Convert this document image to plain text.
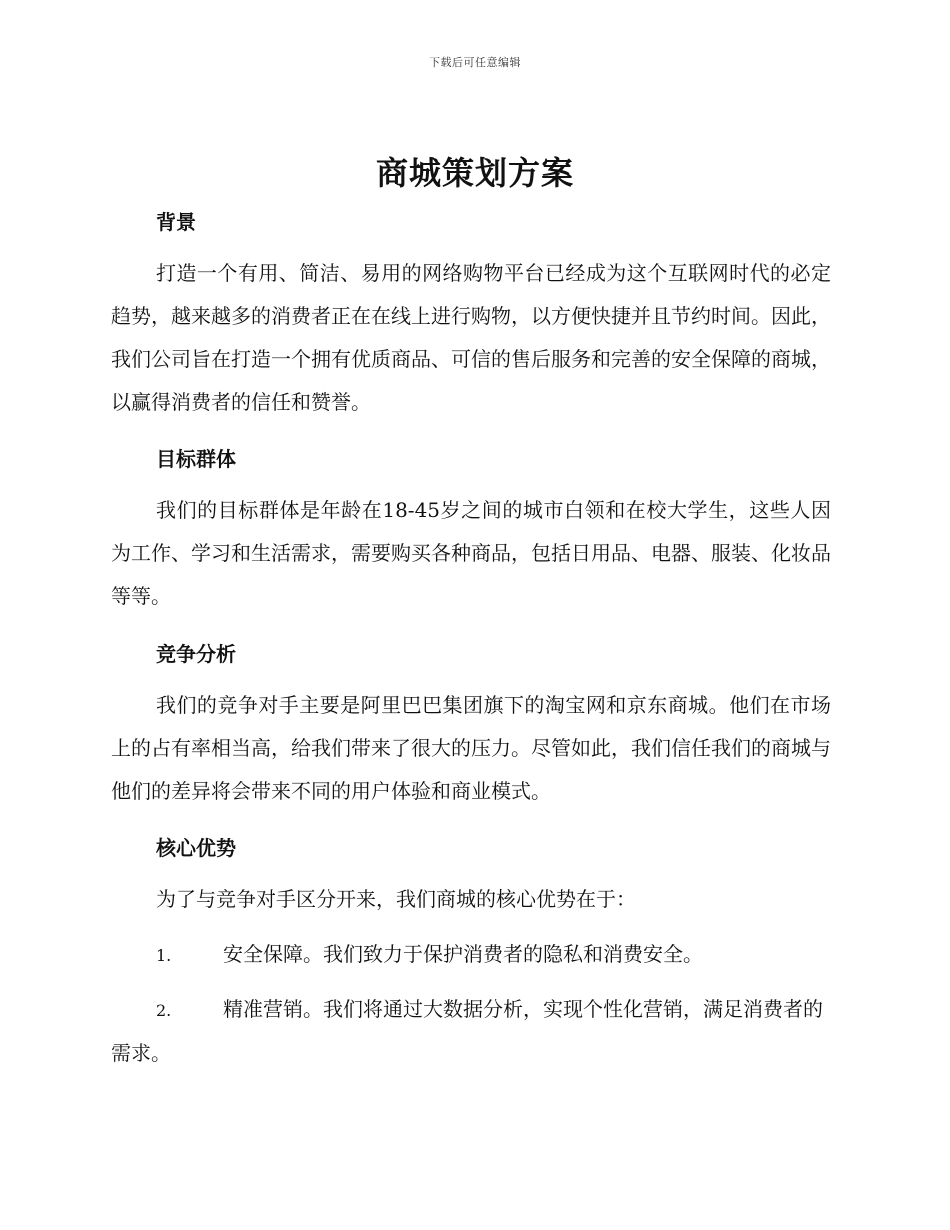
下载后可任意编辑
商城策划方案
背景

打造一个有用、简洁、易用的网络购物平台已经成为这个互联网时代的必定趋势，越来越多的消费者正在在线上进行购物，以方便快捷并且节约时间。因此，我们公司旨在打造一个拥有优质商品、可信的售后服务和完善的安全保障的商城，以赢得消费者的信任和赞誉。

目标群体

我们的目标群体是年龄在18-45岁之间的城市白领和在校大学生，这些人因为工作、学习和生活需求，需要购买各种商品，包括日用品、电器、服装、化妆品等等。

竞争分析

我们的竞争对手主要是阿里巴巴集团旗下的淘宝网和京东商城。他们在市场上的占有率相当高，给我们带来了很大的压力。尽管如此，我们信任我们的商城与他们的差异将会带来不同的用户体验和商业模式。

核心优势

为了与竞争对手区分开来，我们商城的核心优势在于：

1.	安全保障。我们致力于保护消费者的隐私和消费安全。

2.	精准营销。我们将通过大数据分析，实现个性化营销，满足消费者的需求。
